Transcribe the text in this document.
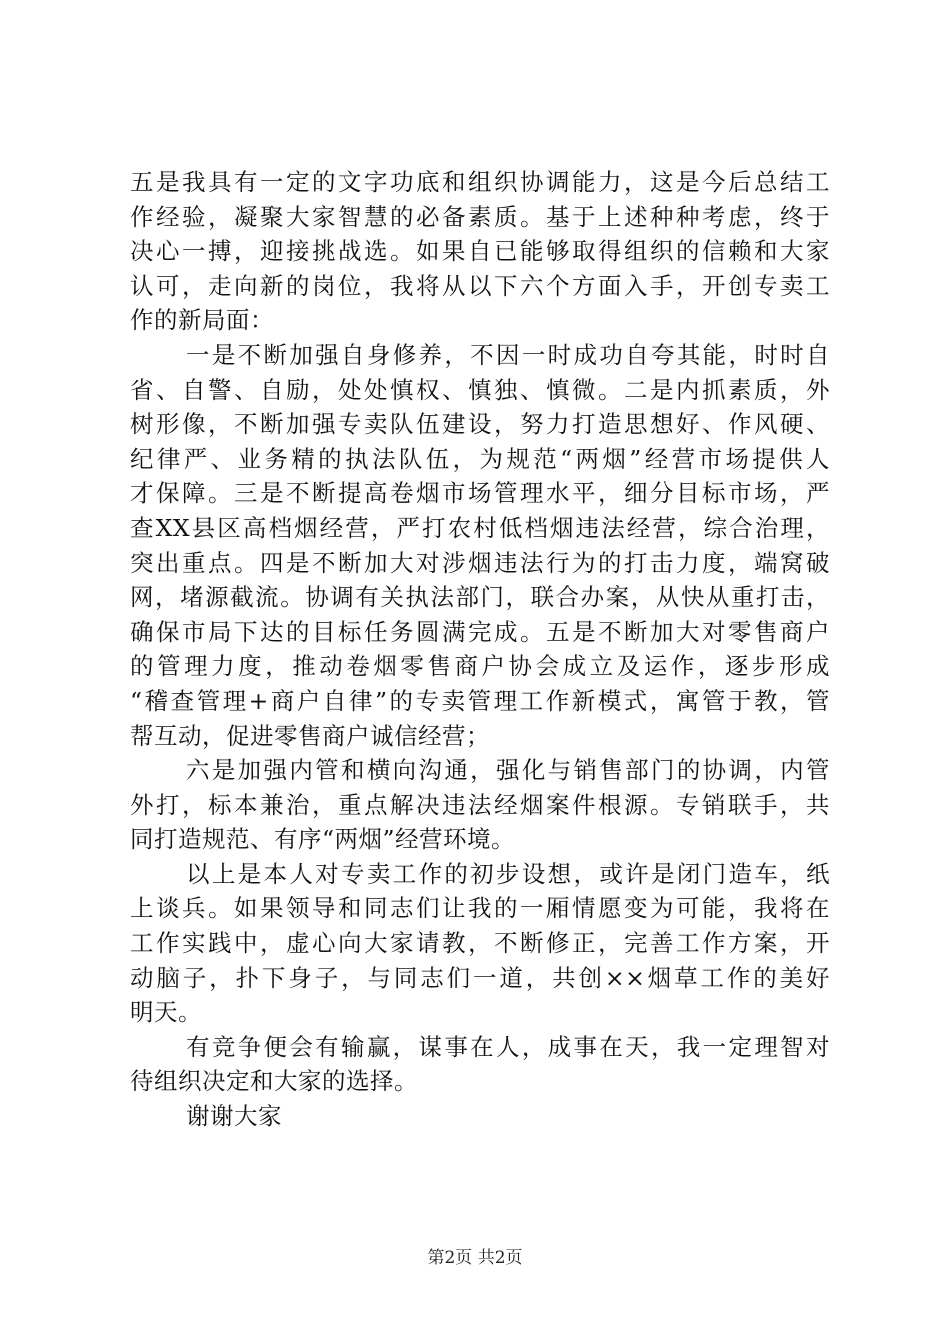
五是我具有一定的文字功底和组织协调能力，这是今后总结工
作经验，凝聚大家智慧的必备素质。基于上述种种考虑，终于
决心一搏，迎接挑战选。如果自已能够取得组织的信赖和大家
认可，走向新的岗位，我将从以下六个方面入手，开创专卖工
作的新局面：
一是不断加强自身修养，不因一时成功自夸其能，时时自
省、自警、自励，处处慎权、慎独、慎微。二是内抓素质，外
树形像，不断加强专卖队伍建设，努力打造思想好、作风硬、
纪律严、业务精的执法队伍，为规范“两烟”经营市场提供人
才保障。三是不断提高卷烟市场管理水平，细分目标市场，严
查XX县区高档烟经营，严打农村低档烟违法经营，综合治理，
突出重点。四是不断加大对涉烟违法行为的打击力度，端窝破
网，堵源截流。协调有关执法部门，联合办案，从快从重打击，
确保市局下达的目标任务圆满完成。五是不断加大对零售商户
的管理力度，推动卷烟零售商户协会成立及运作，逐步形成
“稽查管理+商户自律”的专卖管理工作新模式，寓管于教，管
帮互动，促进零售商户诚信经营；
六是加强内管和横向沟通，强化与销售部门的协调，内管
外打，标本兼治，重点解决违法经烟案件根源。专销联手，共
同打造规范、有序“两烟”经营环境。
以上是本人对专卖工作的初步设想，或许是闭门造车，纸
上谈兵。如果领导和同志们让我的一厢情愿变为可能，我将在
工作实践中，虚心向大家请教，不断修正，完善工作方案，开
动脑子，扑下身子，与同志们一道，共创××烟草工作的美好
明天。
有竞争便会有输赢，谋事在人，成事在天，我一定理智对
待组织决定和大家的选择。
谢谢大家
第2页 共2页
